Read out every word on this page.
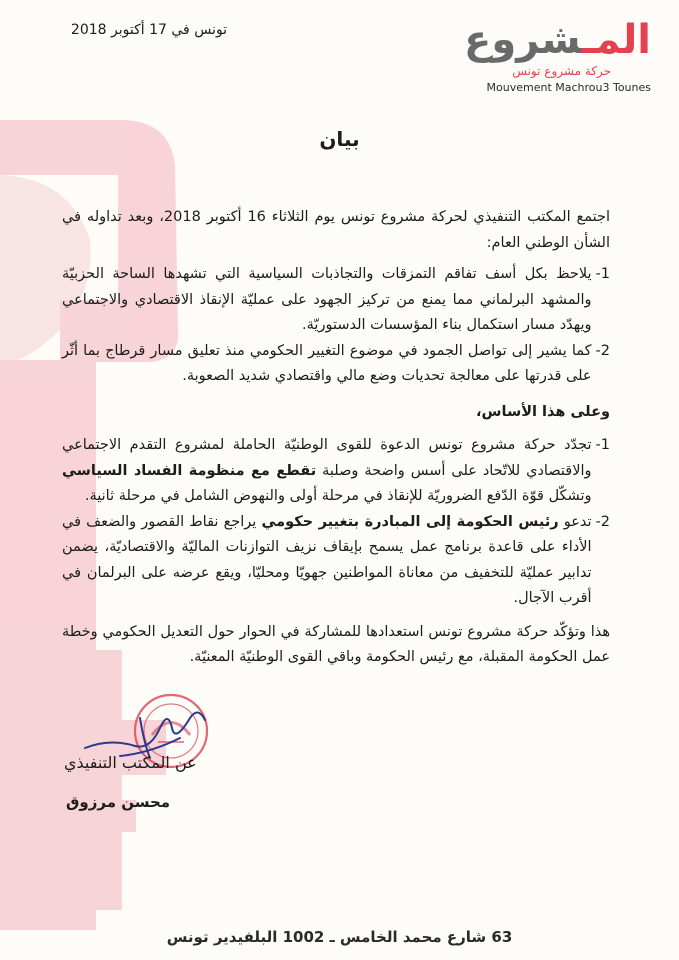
المـشروع
حركة مشروع تونس
Mouvement Machrou3 Tounes
تونس في 17 أكتوبر 2018
بيان

اجتمع المكتب التنفيذي لحركة مشروع تونس يوم الثلاثاء 16 أكتوبر 2018، وبعد تداوله في الشأن الوطني العام:

1-
يلاحظ بكل أسف تفاقم التمزقات والتجاذبات السياسية التي تشهدها الساحة الحزبيّة والمشهد البرلماني مما يمنع من تركيز الجهود على عمليّة الإنقاذ الاقتصادي والاجتماعي ويهدّد مسار استكمال بناء المؤسسات الدستوريّة.
2-
كما يشير إلى تواصل الجمود في موضوع التغيير الحكومي منذ تعليق مسار قرطاج بما أثّر على قدرتها على معالجة تحديات وضع مالي واقتصادي شديد الصعوبة.

وعلى هذا الأساس،

1-
تجدّد حركة مشروع تونس الدعوة للقوى الوطنيّة الحاملة لمشروع التقدم الاجتماعي والاقتصادي للاتّحاد على أسس واضحة وصلبة تقطع مع منظومة الفساد السياسي وتشكّل قوّة الدّفع الضروريّة للإنقاذ في مرحلة أولى والنهوض الشامل في مرحلة ثانية.
2-
تدعو رئيس الحكومة إلى المبادرة بتغيير حكومي يراجع نقاط القصور والضعف في الأداء على قاعدة برنامج عمل يسمح بإيقاف نزيف التوازنات الماليّة والاقتصاديّة، يضمن تدابير عمليّة للتخفيف من معاناة المواطنين جهويّا ومحليّا، ويقع عرضه على البرلمان في أقرب الآجال.

هذا وتؤكّد حركة مشروع تونس استعدادها للمشاركة في الحوار حول التعديل الحكومي وخطة عمل الحكومة المقبلة، مع رئيس الحكومة وباقي القوى الوطنيّة المعنيّة.

عن المكتب التنفيذي
محسن مرزوق
63 شارع محمد الخامس ـ 1002 البلفيدير تونس
